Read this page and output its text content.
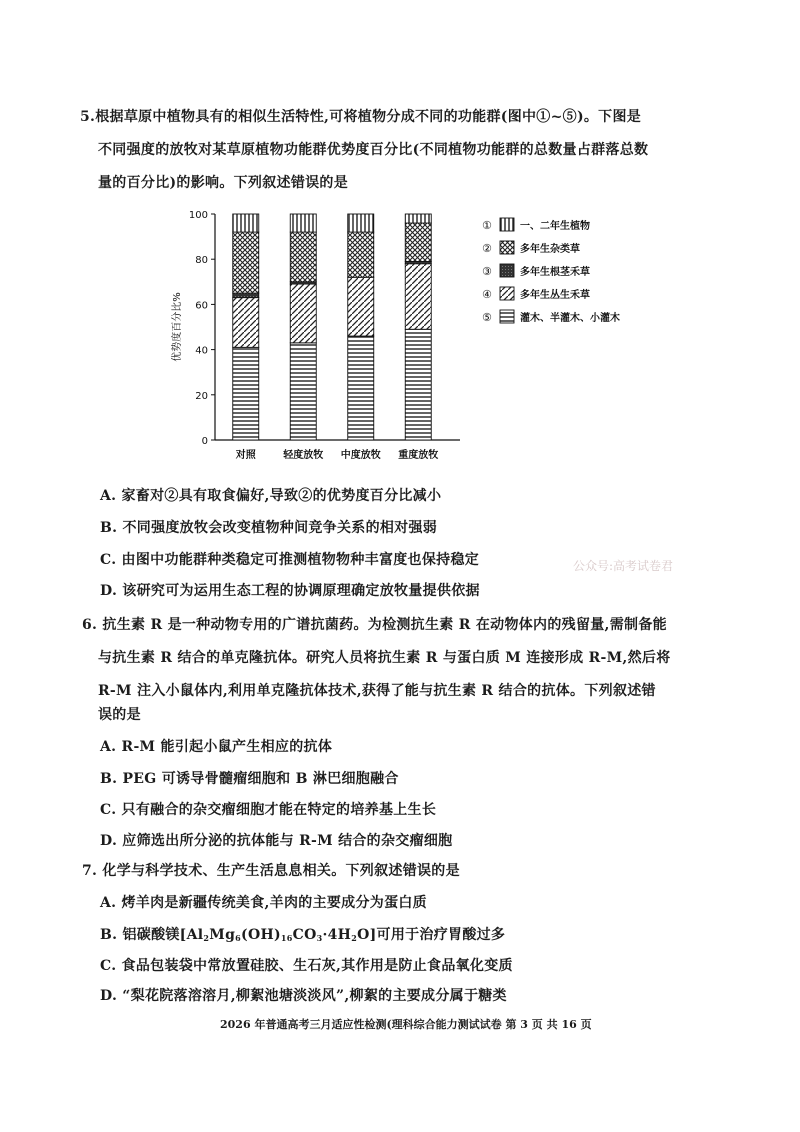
5.根据草原中植物具有的相似生活特性,可将植物分成不同的功能群(图中①~⑤)。下图是
不同强度的放牧对某草原植物功能群优势度百分比(不同植物功能群的总数量占群落总数
量的百分比)的影响。下列叙述错误的是
0
20
40
60
80
100
优势度百分比%
对照	轻度放牧 中度放牧 重度放牧
①	一、二年生植物
②	多年生杂类草
③	多年生根茎禾草
④	多年生丛生禾草
⑤	灌木、半灌木、小灌木
A. 家畜对②具有取食偏好,导致②的优势度百分比减小
B. 不同强度放牧会改变植物种间竞争关系的相对强弱
C. 由图中功能群种类稳定可推测植物物种丰富度也保持稳定
D. 该研究可为运用生态工程的协调原理确定放牧量提供依据
公众号:高考试卷君
6. 抗生素 R 是一种动物专用的广谱抗菌药。为检测抗生素 R 在动物体内的残留量,需制备能
与抗生素 R 结合的单克隆抗体。研究人员将抗生素 R 与蛋白质 M 连接形成 R-M,然后将
R-M 注入小鼠体内,利用单克隆抗体技术,获得了能与抗生素 R 结合的抗体。下列叙述错
误的是
A. R-M 能引起小鼠产生相应的抗体
B. PEG 可诱导骨髓瘤细胞和 B 淋巴细胞融合
C. 只有融合的杂交瘤细胞才能在特定的培养基上生长
D. 应筛选出所分泌的抗体能与 R-M 结合的杂交瘤细胞
7. 化学与科学技术、生产生活息息相关。下列叙述错误的是
A. 烤羊肉是新疆传统美食,羊肉的主要成分为蛋白质
B. 铝碳酸镁$[Al_2Mg_6(OH)_{16}CO_3\cdot 4H_2O]$可用于治疗胃酸过多
C. 食品包装袋中常放置硅胶、生石灰,其作用是防止食品氧化变质
D. “梨花院落溶溶月,柳絮池塘淡淡风”,柳絮的主要成分属于糖类
2026 年普通高考三月适应性检测(理科综合能力测试试卷 第 3 页 共 16 页
